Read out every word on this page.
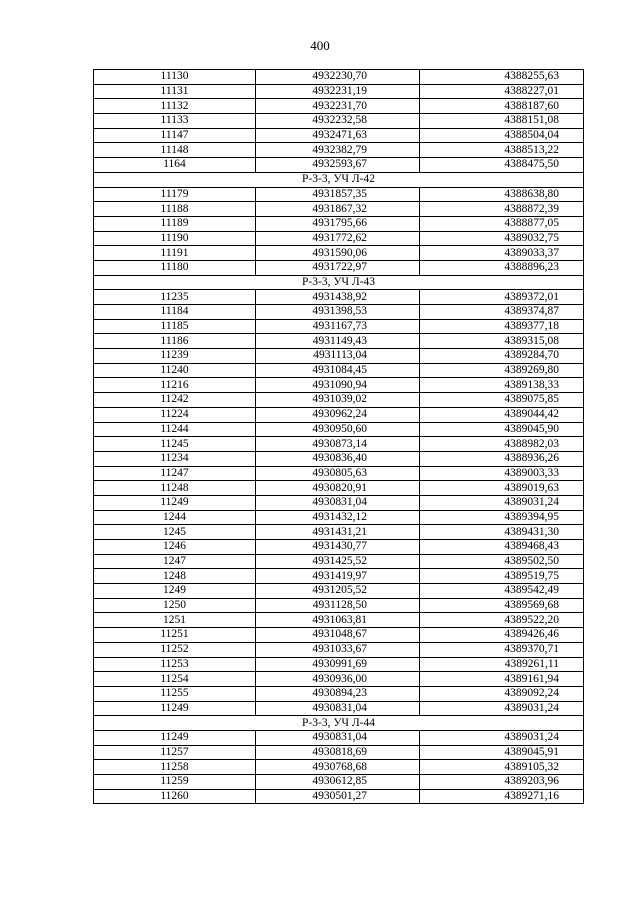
400
11130	4932230,70	4388255,63
11131	4932231,19	4388227,01
11132	4932231,70	4388187,60
11133	4932232,58	4388151,08
11147	4932471,63	4388504,04
11148	4932382,79	4388513,22
1164	4932593,67	4388475,50
Р-3-3, УЧ Л-42		
11179	4931857,35	4388638,80
11188	4931867,32	4388872,39
11189	4931795,66	4388877,05
11190	4931772,62	4389032,75
11191	4931590,06	4389033,37
11180	4931722,97	4388896,23
Р-3-3, УЧ Л-43		
11235	4931438,92	4389372,01
11184	4931398,53	4389374,87
11185	4931167,73	4389377,18
11186	4931149,43	4389315,08
11239	4931113,04	4389284,70
11240	4931084,45	4389269,80
11216	4931090,94	4389138,33
11242	4931039,02	4389075,85
11224	4930962,24	4389044,42
11244	4930950,60	4389045,90
11245	4930873,14	4388982,03
11234	4930836,40	4388936,26
11247	4930805,63	4389003,33
11248	4930820,91	4389019,63
11249	4930831,04	4389031,24
1244	4931432,12	4389394,95
1245	4931431,21	4389431,30
1246	4931430,77	4389468,43
1247	4931425,52	4389502,50
1248	4931419,97	4389519,75
1249	4931205,52	4389542,49
1250	4931128,50	4389569,68
1251	4931063,81	4389522,20
11251	4931048,67	4389426,46
11252	4931033,67	4389370,71
11253	4930991,69	4389261,11
11254	4930936,00	4389161,94
11255	4930894,23	4389092,24
11249	4930831,04	4389031,24
Р-3-3, УЧ Л-44		
11249	4930831,04	4389031,24
11257	4930818,69	4389045,91
11258	4930768,68	4389105,32
11259	4930612,85	4389203,96
11260	4930501,27	4389271,16
